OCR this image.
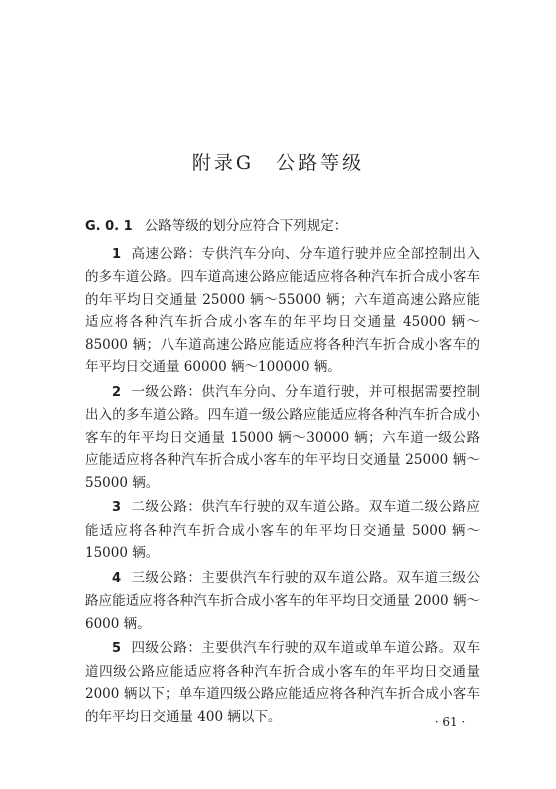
附录G　公路等级

G. 0. 1 公路等级的划分应符合下列规定：

1 高速公路：专供汽车分向、分车道行驶并应全部控制出入的多车道公路。四车道高速公路应能适应将各种汽车折合成小客车的年平均日交通量 25000 辆～55000 辆；六车道高速公路应能适应将各种汽车折合成小客车的年平均日交通量 45000 辆～85000 辆；八车道高速公路应能适应将各种汽车折合成小客车的年平均日交通量 60000 辆～100000 辆。

2 一级公路：供汽车分向、分车道行驶，并可根据需要控制出入的多车道公路。四车道一级公路应能适应将各种汽车折合成小客车的年平均日交通量 15000 辆～30000 辆；六车道一级公路应能适应将各种汽车折合成小客车的年平均日交通量 25000 辆～55000 辆。

3 二级公路：供汽车行驶的双车道公路。双车道二级公路应能适应将各种汽车折合成小客车的年平均日交通量 5000 辆～15000 辆。

4 三级公路：主要供汽车行驶的双车道公路。双车道三级公路应能适应将各种汽车折合成小客车的年平均日交通量 2000 辆～6000 辆。

5 四级公路：主要供汽车行驶的双车道或单车道公路。双车道四级公路应能适应将各种汽车折合成小客车的年平均日交通量 2000 辆以下；单车道四级公路应能适应将各种汽车折合成小客车的年平均日交通量 400 辆以下。	· 61 ·
